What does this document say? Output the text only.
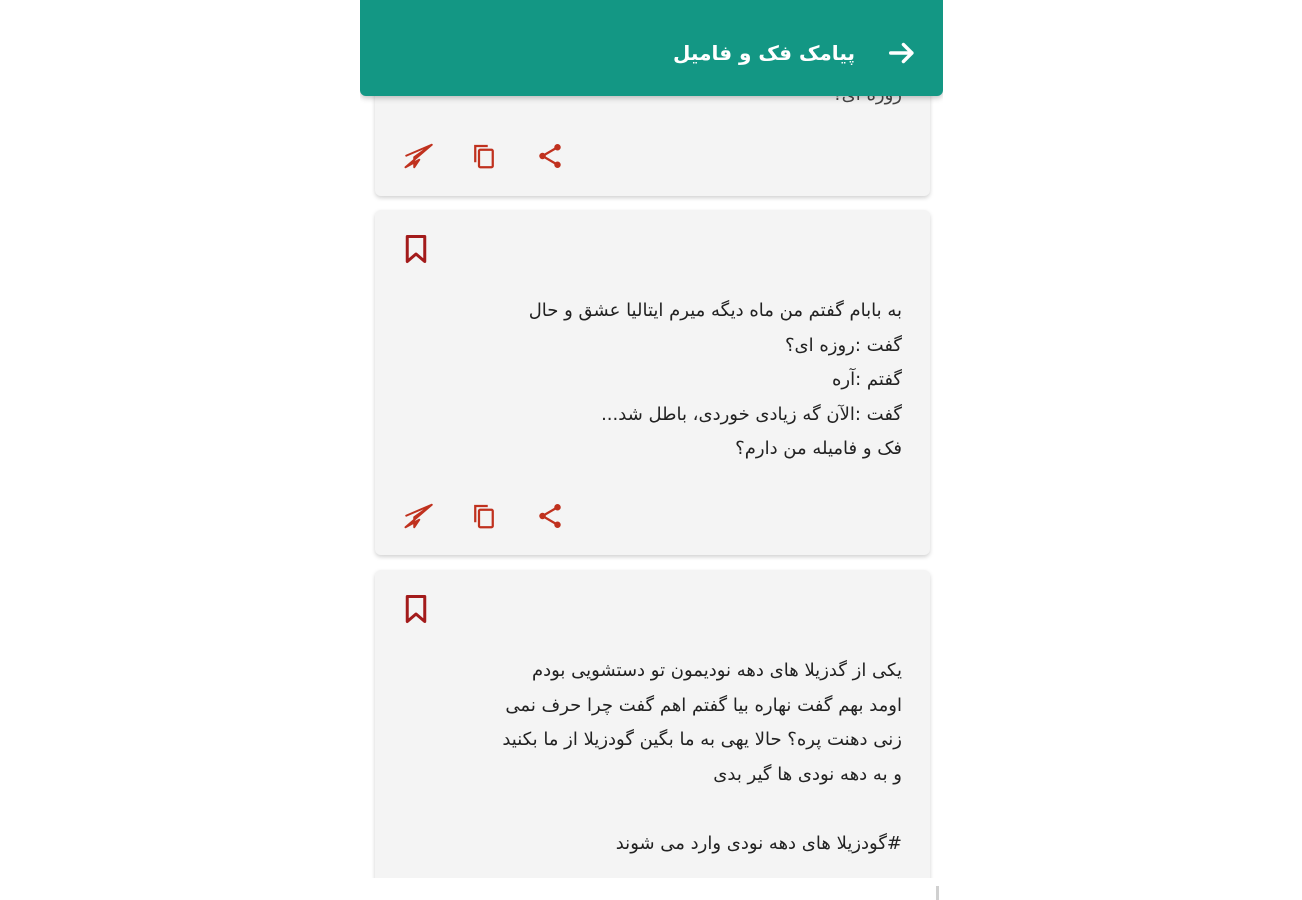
پیامک فک و فامیل
به بابام گفتم من ماه دیگه میرم ایتالیا عشق و حال
گفت :روزه ای؟
گفتم :آره
گفت :الآن گه زیادی خوردی، باطل شد...
فک و فامیله من دارم؟
یکی از گدزیلا های دهه نودیمون تو دستشویی بودم
اومد بهم گفت نهاره بیا گفتم اهم گفت چرا حرف نمی
زنی دهنت پره؟ حالا یهی به ما بگین گودزیلا از ما بکنید
و به دهه نودی ها گیر بدی

#گودزیلا های دهه نودی وارد می شوند
